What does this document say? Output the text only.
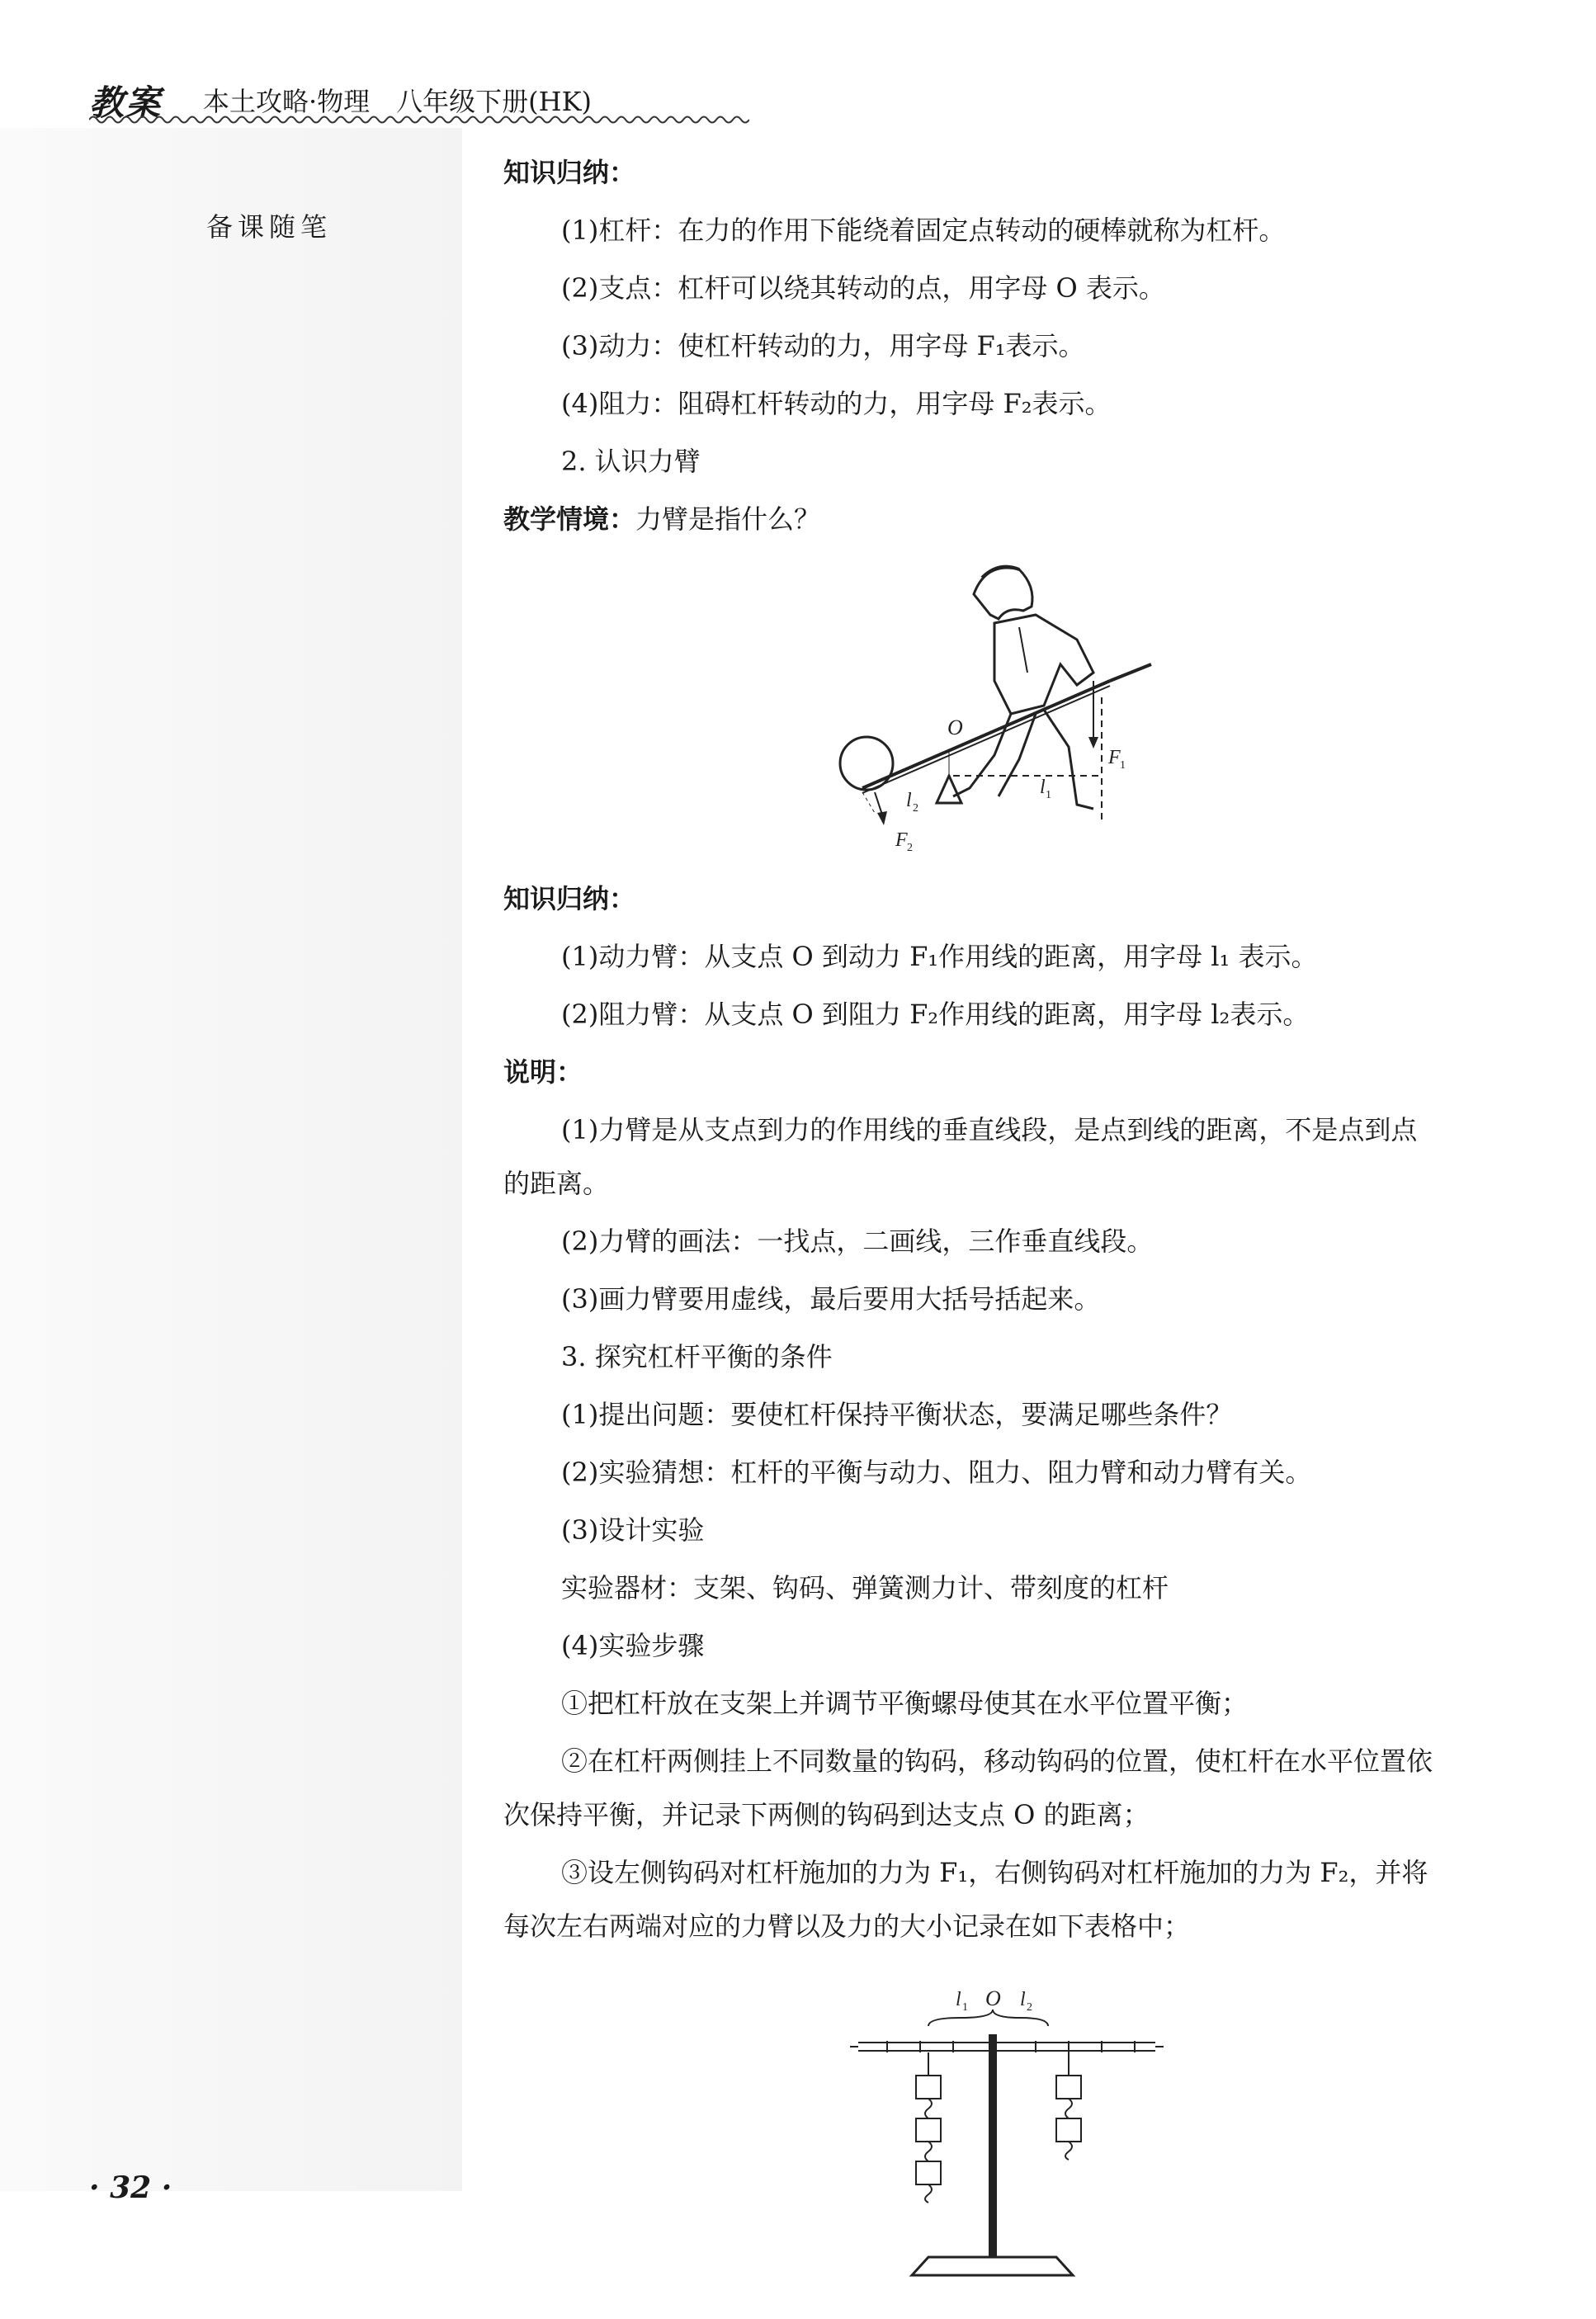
教案 本土攻略·物理　八年级下册(HK)
备课随笔
知识归纳：
(1)杠杆：在力的作用下能绕着固定点转动的硬棒就称为杠杆。
(2)支点：杠杆可以绕其转动的点，用字母 O 表示。
(3)动力：使杠杆转动的力，用字母 F₁表示。
(4)阻力：阻碍杠杆转动的力，用字母 F₂表示。
2. 认识力臂
教学情境：力臂是指什么？
O
l 1
F 1
l 2
F 2
知识归纳：
(1)动力臂：从支点 O 到动力 F₁作用线的距离，用字母 l₁ 表示。
(2)阻力臂：从支点 O 到阻力 F₂作用线的距离，用字母 l₂表示。
说明：
(1)力臂是从支点到力的作用线的垂直线段，是点到线的距离，不是点到点
的距离。
(2)力臂的画法：一找点，二画线，三作垂直线段。
(3)画力臂要用虚线，最后要用大括号括起来。
3. 探究杠杆平衡的条件
(1)提出问题：要使杠杆保持平衡状态，要满足哪些条件？
(2)实验猜想：杠杆的平衡与动力、阻力、阻力臂和动力臂有关。
(3)设计实验
实验器材：支架、钩码、弹簧测力计、带刻度的杠杆
(4)实验步骤
①把杠杆放在支架上并调节平衡螺母使其在水平位置平衡；
②在杠杆两侧挂上不同数量的钩码，移动钩码的位置，使杠杆在水平位置依
次保持平衡，并记录下两侧的钩码到达支点 O 的距离；
③设左侧钩码对杠杆施加的力为 F₁，右侧钩码对杠杆施加的力为 F₂，并将
每次左右两端对应的力臂以及力的大小记录在如下表格中；
l 1 O l 2
· 32 ·
